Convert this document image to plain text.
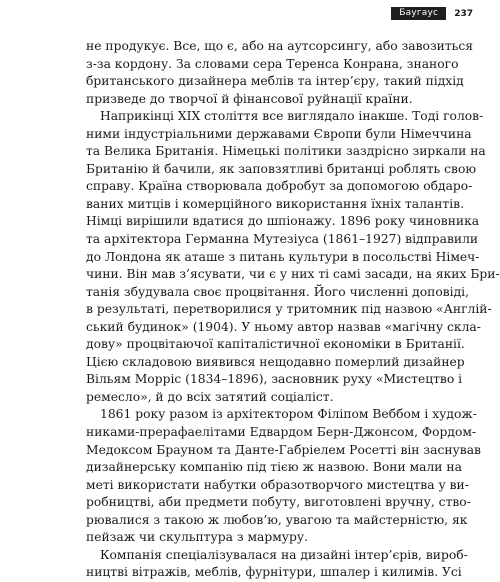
Баугаус	237
не продукує. Все, що є, або на аутсорсингу, або завозиться
з-за кордону. За словами сера Теренса Конрана, знаного
британського дизайнера меблів та інтер’єру, такий підхід
призведе до творчої й фінансової руйнації країни.
Наприкінці XIX століття все виглядало інакше. Тоді голов-
ними індустріальними державами Європи були Німеччина
та Велика Британія. Німецькі політики заздрісно зиркали на
Британію й бачили, як заповзятливі британці роблять свою
справу. Країна створювала добробут за допомогою обдаро-
ваних митців і комерційного використання їхніх талантів.
Німці вирішили вдатися до шпіонажу. 1896 року чиновника
та архітектора Германна Мутезіуса (1861–1927) відправили
до Лондона як аташе з питань культури в посольстві Німеч-
чини. Він мав з’ясувати, чи є у них ті самі засади, на яких Бри-
танія збудувала своє процвітання. Його численні доповіді,
в результаті, перетворилися у тритомник під назвою «Англій-
ський будинок» (1904). У ньому автор назвав «магічну скла-
дову» процвітаючої капіталістичної економіки в Британії.
Цією складовою виявився нещодавно померлий дизайнер
Вільям Морріс (1834–1896), засновник руху «Мистецтво і
ремесло», й до всіх затятий соціаліст.
1861 року разом із архітектором Філіпом Веббом і худож-
никами-прерафаелітами Едвардом Берн-Джонсом, Фордом-
Медоксом Брауном та Данте-Габріелем Росетті він заснував
дизайнерську компанію під тією ж назвою. Вони мали на
меті використати набутки образотворчого мистецтва у ви-
робництві, аби предмети побуту, виготовлені вручну, ство-
рювалися з такою ж любов’ю, увагою та майстерністю, як
пейзаж чи скульптура з мармуру.
Компанія спеціалізувалася на дизайні інтер’єрів, вироб-
ництві вітражів, меблів, фурнітури, шпалер і килимів. Усі
